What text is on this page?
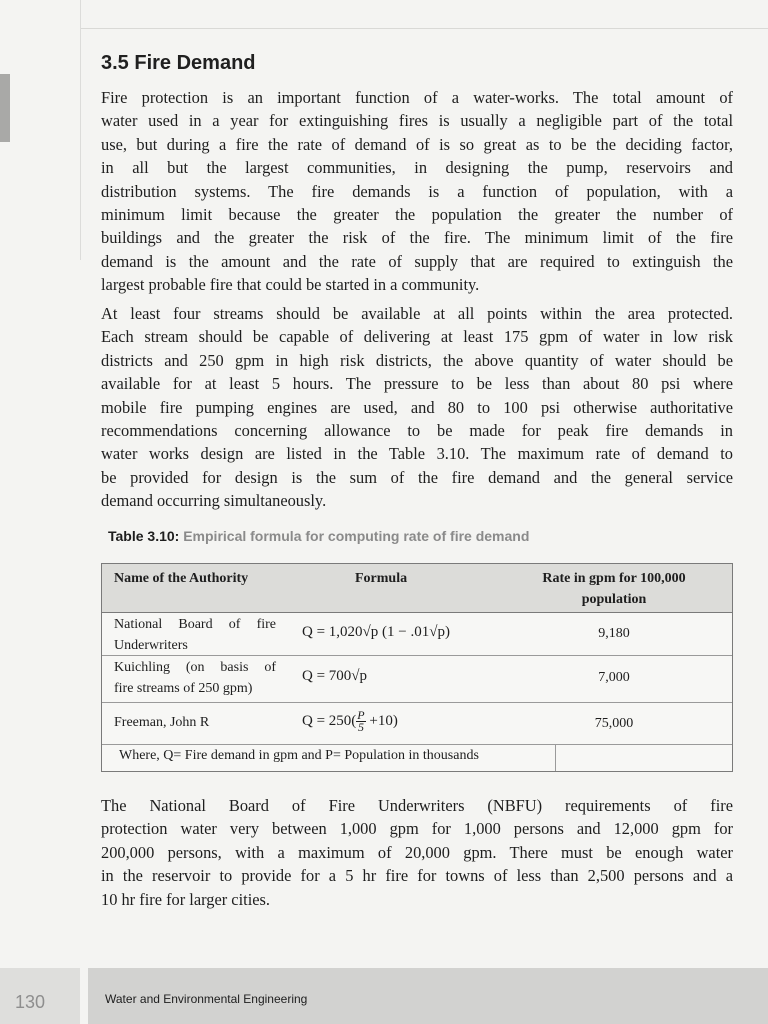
3.5 Fire Demand
Fire protection is an important function of a water-works. The total amount of
water used in a year for extinguishing fires is usually a negligible part of the total
use, but during a fire the rate of demand of is so great as to be the deciding factor,
in all but the largest communities, in designing the pump, reservoirs and
distribution systems. The fire demands is a function of population, with a
minimum limit because the greater the population the greater the number of
buildings and the greater the risk of the fire. The minimum limit of the fire
demand is the amount and the rate of supply that are required to extinguish the
largest probable fire that could be started in a community.
At least four streams should be available at all points within the area protected.
Each stream should be capable of delivering at least 175 gpm of water in low risk
districts and 250 gpm in high risk districts, the above quantity of water should be
available for at least 5 hours. The pressure to be less than about 80 psi where
mobile fire pumping engines are used, and 80 to 100 psi otherwise authoritative
recommendations concerning allowance to be made for peak fire demands in
water works design are listed in the Table 3.10. The maximum rate of demand to
be provided for design is the sum of the fire demand and the general service
demand occurring simultaneously.
Table 3.10: Empirical formula for computing rate of fire demand
Name of the Authority	Formula	Rate in gpm for 100,000
population
National Board of fire
Underwriters
Q = 1,020√p (1 − .01√p)	9,180
Kuichling (on basis of
fire streams of 250 gpm)
Q = 700√p	7,000
Freeman, John R	$Q = 250( \frac{P}{5} +10)$	75,000
Where, Q= Fire demand in gpm and P= Population in thousands
The National Board of Fire Underwriters (NBFU) requirements of fire
protection water very between 1,000 gpm for 1,000 persons and 12,000 gpm for
200,000 persons, with a maximum of 20,000 gpm. There must be enough water
in the reservoir to provide for a 5 hr fire for towns of less than 2,500 persons and a
10 hr fire for larger cities.
130	Water and Environmental Engineering
